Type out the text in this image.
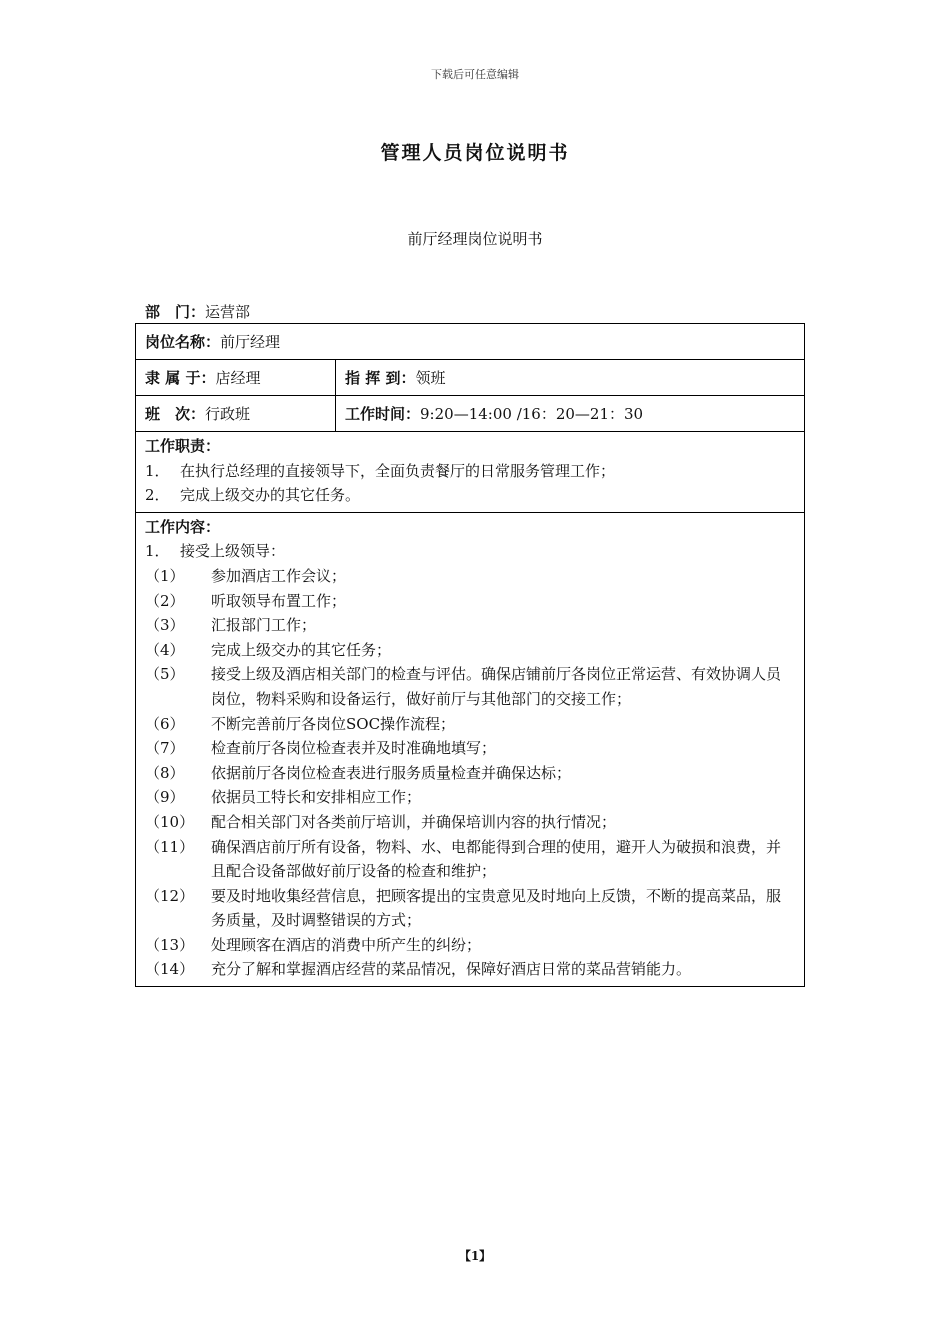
下载后可任意编辑
管理人员岗位说明书
前厅经理岗位说明书
部　门：运营部
岗位名称： 前厅经理
隶 属 于： 店经理	指 挥 到： 领班
班　次： 行政班	工作时间： 9:20—14:00 /16：20—21：30
工作职责：
1． 在执行总经理的直接领导下，全面负责餐厅的日常服务管理工作；
2． 完成上级交办的其它任务。
工作内容：
1． 接受上级领导：
（1）	参加酒店工作会议；
（2）	听取领导布置工作；
（3）	汇报部门工作；
（4）	完成上级交办的其它任务；
（5）	接受上级及酒店相关部门的检查与评估。确保店铺前厅各岗位正常运营、有效协调人员岗位，物料采购和设备运行，做好前厅与其他部门的交接工作；
（6）	不断完善前厅各岗位SOC操作流程；
（7）	检查前厅各岗位检查表并及时准确地填写；
（8）	依据前厅各岗位检查表进行服务质量检查并确保达标；
（9）	依据员工特长和安排相应工作；
（10）	配合相关部门对各类前厅培训，并确保培训内容的执行情况；
（11）	确保酒店前厅所有设备，物料、水、电都能得到合理的使用，避开人为破损和浪费，并且配合设备部做好前厅设备的检查和维护；
（12）	要及时地收集经营信息，把顾客提出的宝贵意见及时地向上反馈，不断的提高菜品，服务质量，及时调整错误的方式；
（13）	处理顾客在酒店的消费中所产生的纠纷；
（14）	充分了解和掌握酒店经营的菜品情况，保障好酒店日常的菜品营销能力。
【1】
